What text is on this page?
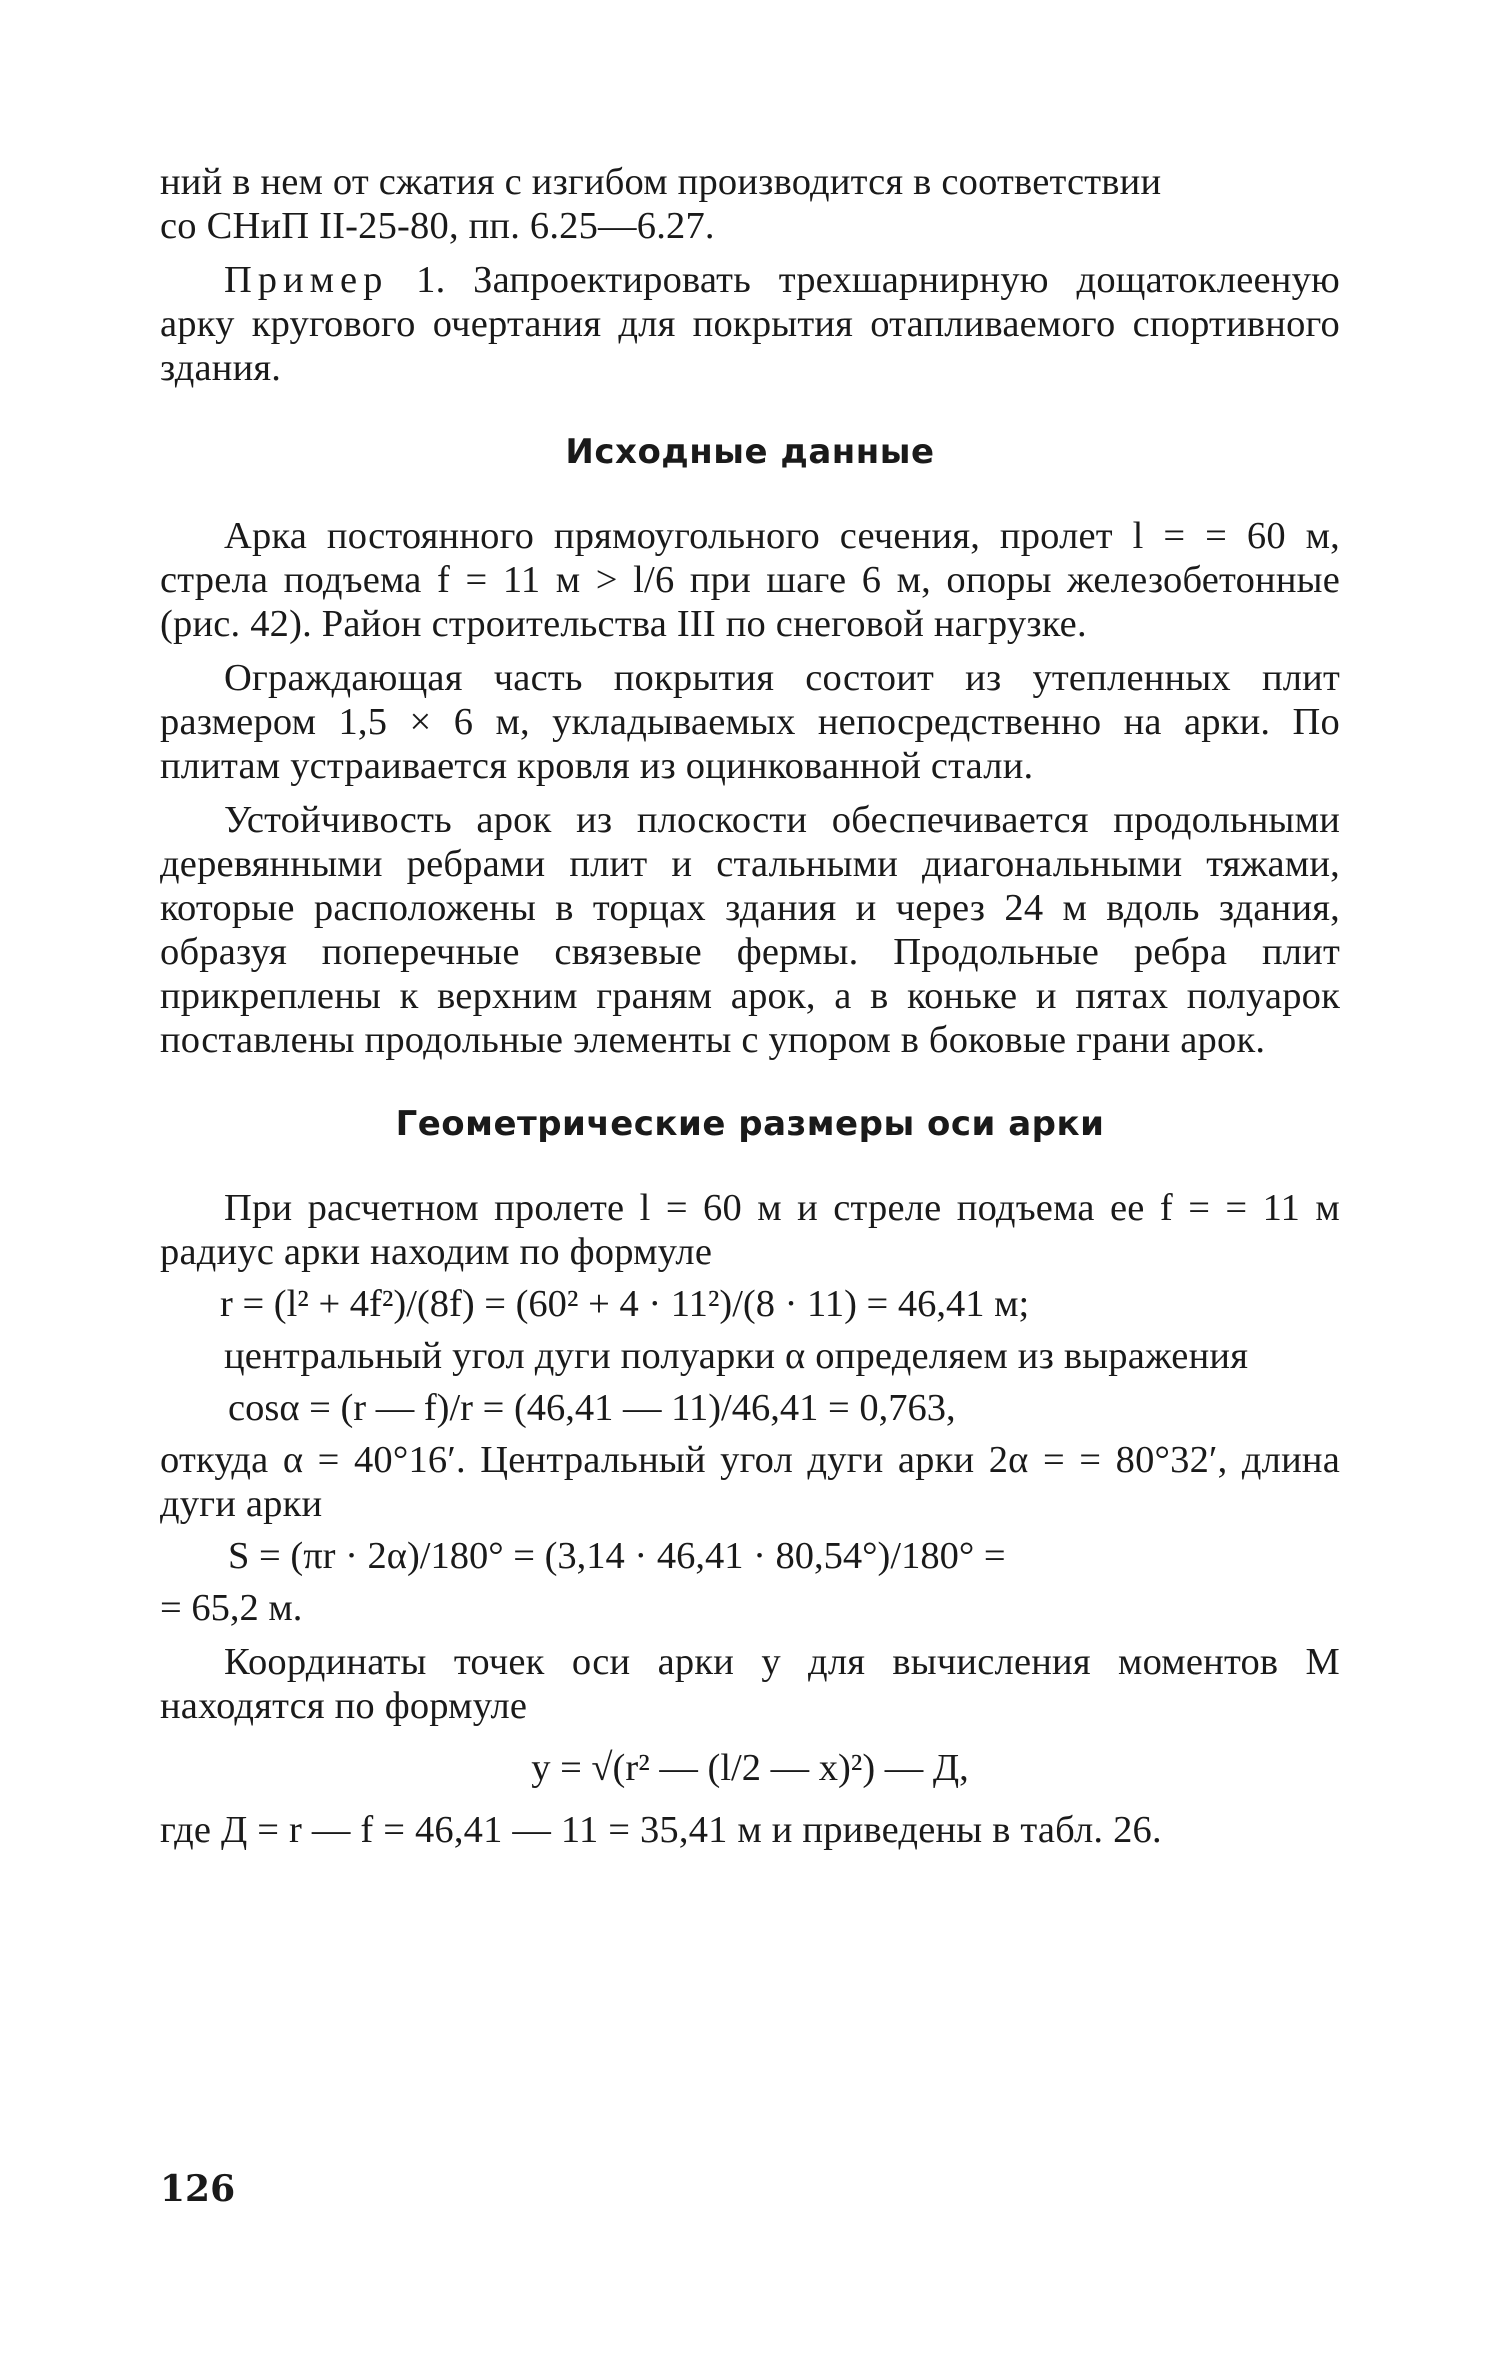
ний в нем от сжатия с изгибом производится в соответствии

со СНиП II-25-80, пп. 6.25—6.27.

Пример 1. Запроектировать трехшарнирную дощатоклееную арку кругового очертания для покрытия отапливаемого спортивного здания.

Исходные данные

Арка постоянного прямоугольного сечения, пролет l = = 60 м, стрела подъема f = 11 м > l/6 при шаге 6 м, опоры железобетонные (рис. 42). Район строительства III по снеговой нагрузке.

Ограждающая часть покрытия состоит из утепленных плит размером 1,5 × 6 м, укладываемых непосредственно на арки. По плитам устраивается кровля из оцинкованной стали.

Устойчивость арок из плоскости обеспечивается продольными деревянными ребрами плит и стальными диагональными тяжами, которые расположены в торцах здания и через 24 м вдоль здания, образуя поперечные связевые фермы. Продольные ребра плит прикреплены к верхним граням арок, а в коньке и пятах полуарок поставлены продольные элементы с упором в боковые грани арок.

Геометрические размеры оси арки

При расчетном пролете l = 60 м и стреле подъема ее f = = 11 м радиус арки находим по формуле

r = (l² + 4f²)/(8f) = (60² + 4 · 11²)/(8 · 11) = 46,41 м;

центральный угол дуги полуарки α определяем из выражения

cosα = (r — f)/r = (46,41 — 11)/46,41 = 0,763,

откуда α = 40°16′. Центральный угол дуги арки 2α = = 80°32′, длина дуги арки

S = (πr · 2α)/180° = (3,14 · 46,41 · 80,54°)/180° =
= 65,2 м.

Координаты точек оси арки y для вычисления моментов M находятся по формуле

y = √(r² — (l/2 — x)²) — Д,

где Д = r — f = 46,41 — 11 = 35,41 м и приведены в табл. 26.

126
